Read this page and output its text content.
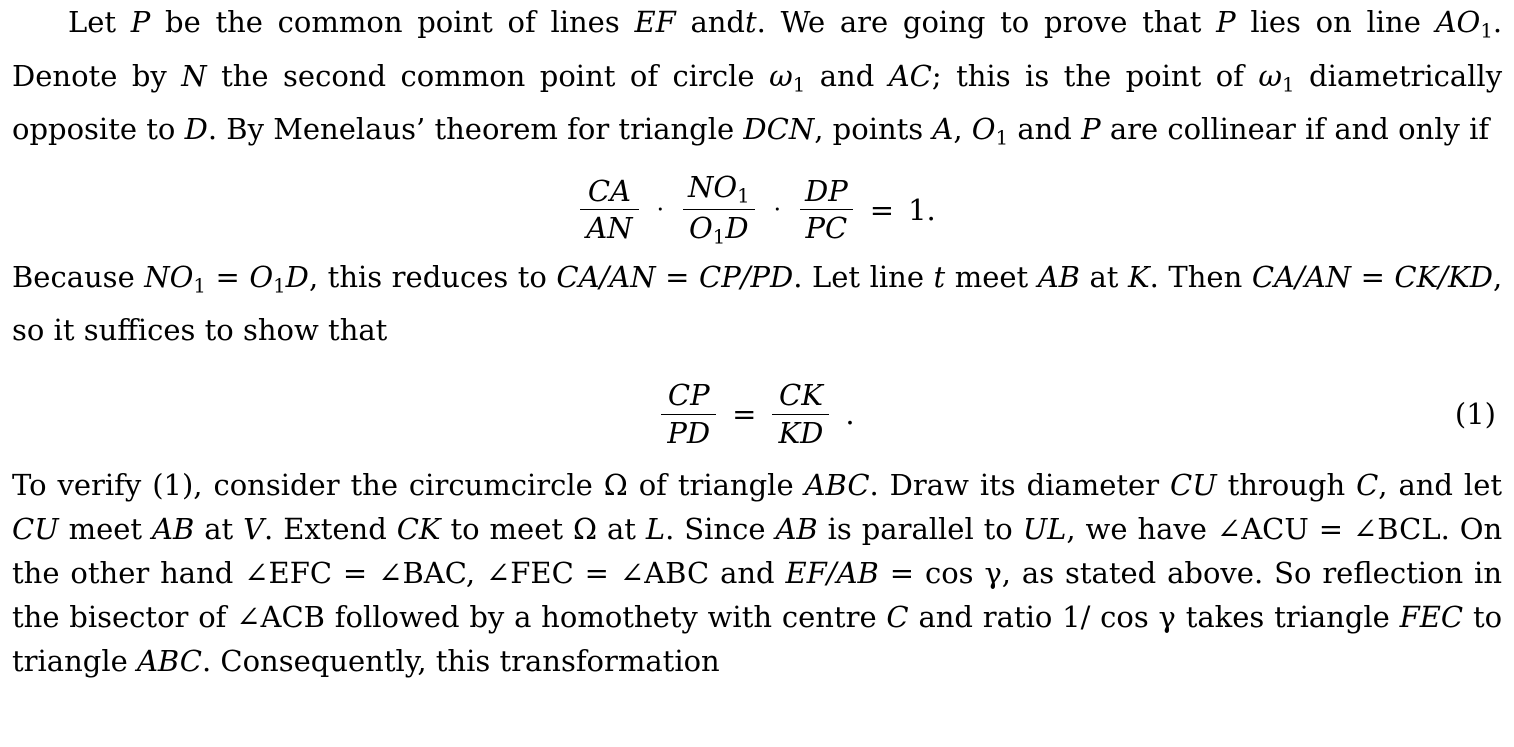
Let P be the common point of lines EF andt. We are going to prove that P lies on line AO1. Denote by N the second common point of circle ω1 and AC; this is the point of ω1 diametrically opposite to D. By Menelaus’ theorem for triangle DCN, points A, O1 and P are collinear if and only if

$\frac{CA}{AN} \cdot \frac{NO1}{O1D} \cdot \frac{DP}{PC} = 1$.

Because NO1 = O1D, this reduces to CA/AN = CP/PD. Let line t meet AB at K. Then CA/AN = CK/KD, so it suffices to show that

$\frac{CP}{PD} = \frac{CK}{KD}$ .	(1)

To verify (1), consider the circumcircle Ω of triangle ABC. Draw its diameter CU through C, and let CU meet AB at V. Extend CK to meet Ω at L. Since AB is parallel to UL, we have ∠ACU = ∠BCL. On the other hand ∠EFC = ∠BAC, ∠FEC = ∠ABC and EF/AB = cos γ, as stated above. So reflection in the bisector of ∠ACB followed by a homothety with centre C and ratio 1/ cos γ takes triangle FEC to triangle ABC. Consequently, this transformation
